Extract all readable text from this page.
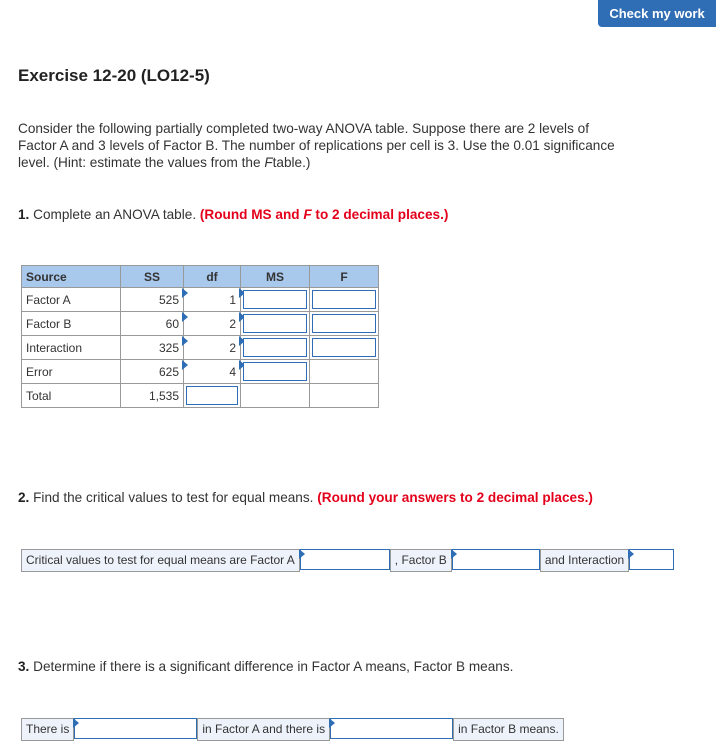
Check my work
Exercise 12-20 (LO12-5)

Consider the following partially completed two-way ANOVA table. Suppose there are 2 levels of
Factor A and 3 levels of Factor B. The number of replications per cell is 3. Use the 0.01 significance
level. (Hint: estimate the values from the Ftable.)

1. Complete an ANOVA table. (Round MS and F to 2 decimal places.)

Source	SS	df	MS	F
Factor A	525	1

Factor B	60	2

Interaction	325	2

Error	625	4

Total	1,535			

2. Find the critical values to test for equal means. (Round your answers to 2 decimal places.)

Critical values to test for equal means are Factor A	, Factor B	and Interaction

3. Determine if there is a significant difference in Factor A means, Factor B means.

There is	in Factor A and there is	in Factor B means.
